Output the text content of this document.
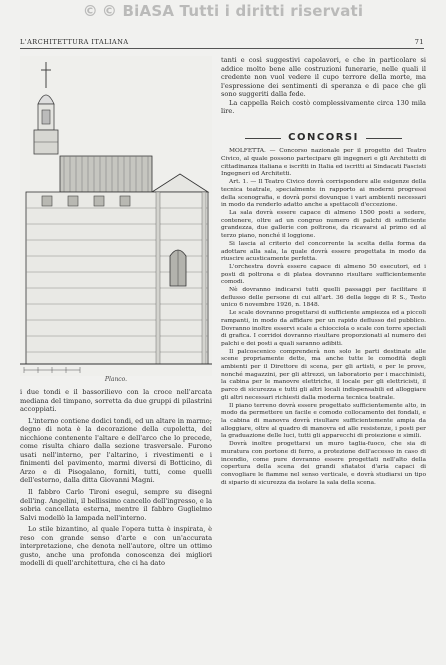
© © BiASA Tutti i diritti riservati
L'ARCHITETTURA ITALIANA	71
Planco.

i due tondi e il bassorilievo con la croce nell'arcata mediana del timpano, sorretta da due gruppi di pilastrini accoppiati.

L'interno contiene dodici tondi, ed un altare in marmo; degno di nota è la decorazione della cupoletta, del nicchione contenente l'altare e dell'arco che lo precede, come risulta chiaro dalla sezione trasversale. Furono usati nell'interno, per l'altarino, i rivestimenti e i finimenti del pavimento, marmi diversi di Botticino, di Arzo e di Pisogalano, forniti, tutti, come quelli dell'esterno, dalla ditta Giovanni Magni.

Il fabbro Carlo Tironi eseguì, sempre su disegni dell'ing. Angelini, il bellissimo cancello dell'ingresso, e la sobria cancellata esterna, mentre il fabbro Guglielmo Salvi modellò la lampada nell'interno.

Lo stile bizantino, al quale l'opera tutta è inspirata, è reso con grande senso d'arte e con un'accurata interpretazione, che denota nell'autore, oltre un ottimo gusto, anche una profonda conoscenza dei migliori modelli di quell'architettura, che ci ha dato

tanti e così suggestivi capolavori, e che in particolare si addice molto bene alle costruzioni funerarie, nelle quali il credente non vuol vedere il cupo terrore della morte, ma l'espressione dei sentimenti di speranza e di pace che gli sono suggeriti dalla fede.

La cappella Reich costò complessivamente circa 130 mila lire.

CONCORSI

MOLFETTA. — Concorso nazionale per il progetto del Teatro Civico, al quale possono partecipare gli ingegneri e gli Architetti di cittadinanza italiana e iscritti in Italia ed iscritti ai Sindacati Fascisti Ingegneri ed Architetti.

Art. 1. — Il Teatro Civico dovrà corrispondere alle esigenze della tecnica teatrale, specialmente in rapporto ai moderni progressi della scenografia, e dovrà porsi dovunque i vari ambienti necessari in modo da renderlo adatto anche a spettacoli d'eccezione.

La sala dovrà essere capace di almeno 1500 posti a sedere, contenere, oltre ad un congruo numero di palchi di sufficiente grandezza, due gallerie con poltrone, da ricavarsi al primo ed al terzo piano, nonché il loggione.

Si lascia al criterio del concorrente la scelta della forma da adottare alla sala, la quale dovrà essere progettata in modo da riuscire acusticamente perfetta.

L'orchestra dovrà essere capace di almeno 50 esecutori, ed i posti di poltrona e di platea dovranno risultare sufficientemente comodi.

Nè dovranno indicarsi tutti quelli passaggi per facilitare il deflusso delle persone di cui all'art. 36 della legge di P. S., Testo unico 6 novembre 1926, n. 1848.

Le scale dovranno progettarsi di sufficiente ampiezza ed a piccoli rampanti, in modo da affidare per un rapido deflusso del pubblico. Dovranno inoltre esservi scale a chiocciola o scale con torre speciali di grafica. I corridoi dovranno risultare proporzionati al numero dei palchi e dei posti a quali saranno adibiti.

Il palcoscenico comprenderà non solo le parti destinate alle scene propriamente dette, ma anche tutte le comodità degli ambienti per il Direttore di scena, per gli artisti, e per le prove, nonché magazzini, per gli attrezzi, un laboratorio per i macchinisti, la cabina per le manovre elettriche, il locale per gli elettricisti, il parco di sicurezza e tutti gli altri locali indispensabili ed alloggiare gli altri necessari richiesti dalla moderna tecnica teatrale.

Il piano terreno dovrà essere progettato sufficientemente alto, in modo da permettere un facile e comodo collocamento dei fondali, e la cabina di manovra dovrà risultare sufficientemente ampia da alloggiare, oltre al quadro di manovra ed alle resistenze, i posti per la graduazione delle luci, tutti gli apparecchi di proiezione e simili.

Dovrà inoltre progettarsi un muro taglia-fuoco, che sia di muratura con portone di ferro, a protezione dell'accesso in caso di incendio, come pure dovranno essere progettati nell'alto della copertura della scena dei grandi sfiatatoi d'aria capaci di convogliare le fiamme nel senso verticale, e dovrà studiarsi un tipo di sipario di sicurezza da isolare la sala della scena.
